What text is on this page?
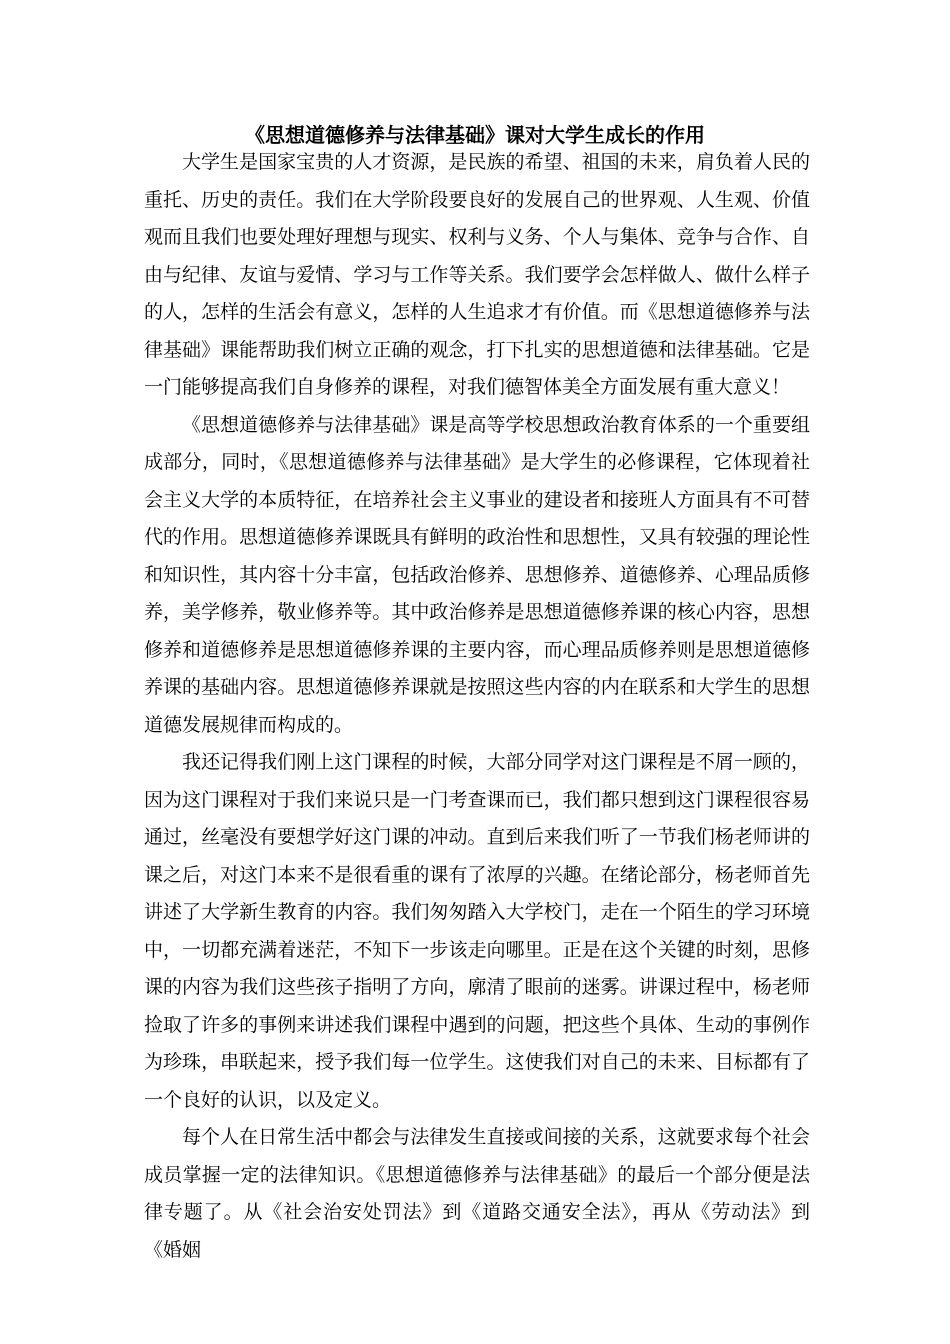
《思想道德修养与法律基础》课对大学生成长的作用

大学生是国家宝贵的人才资源，是民族的希望、祖国的未来，肩负着人民的重托、历史的责任。我们在大学阶段要良好的发展自己的世界观、人生观、价值观而且我们也要处理好理想与现实、权利与义务、个人与集体、竞争与合作、自由与纪律、友谊与爱情、学习与工作等关系。我们要学会怎样做人、做什么样子的人，怎样的生活会有意义，怎样的人生追求才有价值。而《思想道德修养与法律基础》课能帮助我们树立正确的观念，打下扎实的思想道德和法律基础。它是一门能够提高我们自身修养的课程，对我们德智体美全方面发展有重大意义！

《思想道德修养与法律基础》课是高等学校思想政治教育体系的一个重要组成部分，同时，《思想道德修养与法律基础》是大学生的必修课程，它体现着社会主义大学的本质特征，在培养社会主义事业的建设者和接班人方面具有不可替代的作用。思想道德修养课既具有鲜明的政治性和思想性，又具有较强的理论性和知识性，其内容十分丰富，包括政治修养、思想修养、道德修养、心理品质修养，美学修养，敬业修养等。其中政治修养是思想道德修养课的核心内容，思想修养和道德修养是思想道德修养课的主要内容，而心理品质修养则是思想道德修养课的基础内容。思想道德修养课就是按照这些内容的内在联系和大学生的思想道德发展规律而构成的。

我还记得我们刚上这门课程的时候，大部分同学对这门课程是不屑一顾的，因为这门课程对于我们来说只是一门考查课而已，我们都只想到这门课程很容易通过，丝毫没有要想学好这门课的冲动。直到后来我们听了一节我们杨老师讲的课之后，对这门本来不是很看重的课有了浓厚的兴趣。在绪论部分，杨老师首先讲述了大学新生教育的内容。我们匆匆踏入大学校门，走在一个陌生的学习环境中，一切都充满着迷茫，不知下一步该走向哪里。正是在这个关键的时刻，思修课的内容为我们这些孩子指明了方向，廓清了眼前的迷雾。讲课过程中，杨老师捡取了许多的事例来讲述我们课程中遇到的问题，把这些个具体、生动的事例作为珍珠，串联起来，授予我们每一位学生。这使我们对自己的未来、目标都有了一个良好的认识，以及定义。

每个人在日常生活中都会与法律发生直接或间接的关系，这就要求每个社会成员掌握一定的法律知识。《思想道德修养与法律基础》的最后一个部分便是法律专题了。从《社会治安处罚法》到《道路交通安全法》，再从《劳动法》到《婚姻
